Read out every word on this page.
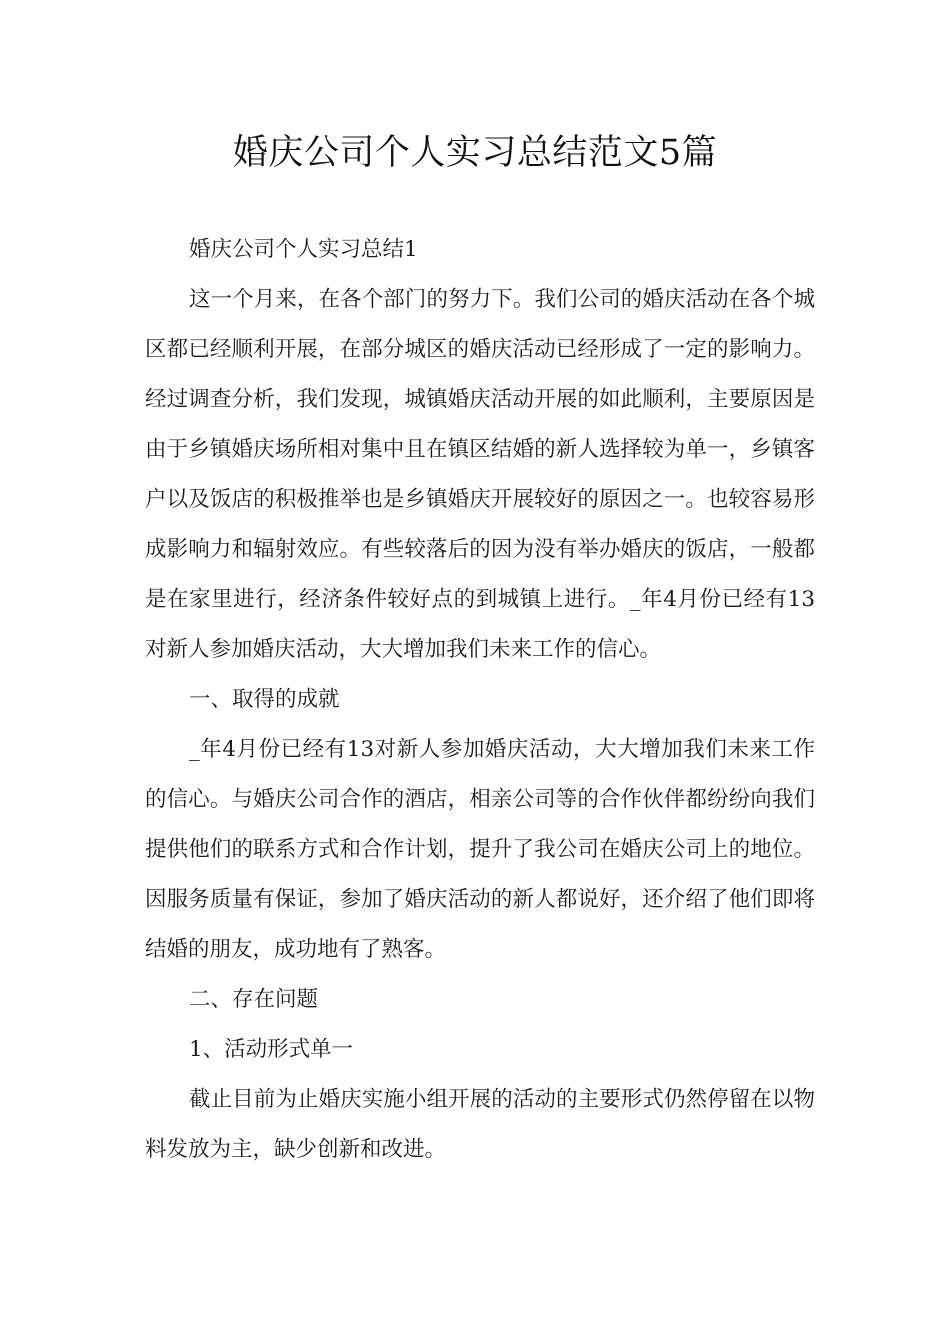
婚庆公司个人实习总结范文5篇

婚庆公司个人实习总结1

这一个月来，在各个部门的努力下。我们公司的婚庆活动在各个城区都已经顺利开展，在部分城区的婚庆活动已经形成了一定的影响力。经过调查分析，我们发现，城镇婚庆活动开展的如此顺利，主要原因是由于乡镇婚庆场所相对集中且在镇区结婚的新人选择较为单一，乡镇客户以及饭店的积极推举也是乡镇婚庆开展较好的原因之一。也较容易形成影响力和辐射效应。有些较落后的因为没有举办婚庆的饭店，一般都是在家里进行，经济条件较好点的到城镇上进行。_年4月份已经有13对新人参加婚庆活动，大大增加我们未来工作的信心。

一、取得的成就

_年4月份已经有13对新人参加婚庆活动，大大增加我们未来工作的信心。与婚庆公司合作的酒店，相亲公司等的合作伙伴都纷纷向我们提供他们的联系方式和合作计划，提升了我公司在婚庆公司上的地位。因服务质量有保证，参加了婚庆活动的新人都说好，还介绍了他们即将结婚的朋友，成功地有了熟客。

二、存在问题

1、活动形式单一

截止目前为止婚庆实施小组开展的活动的主要形式仍然停留在以物料发放为主，缺少创新和改进。
